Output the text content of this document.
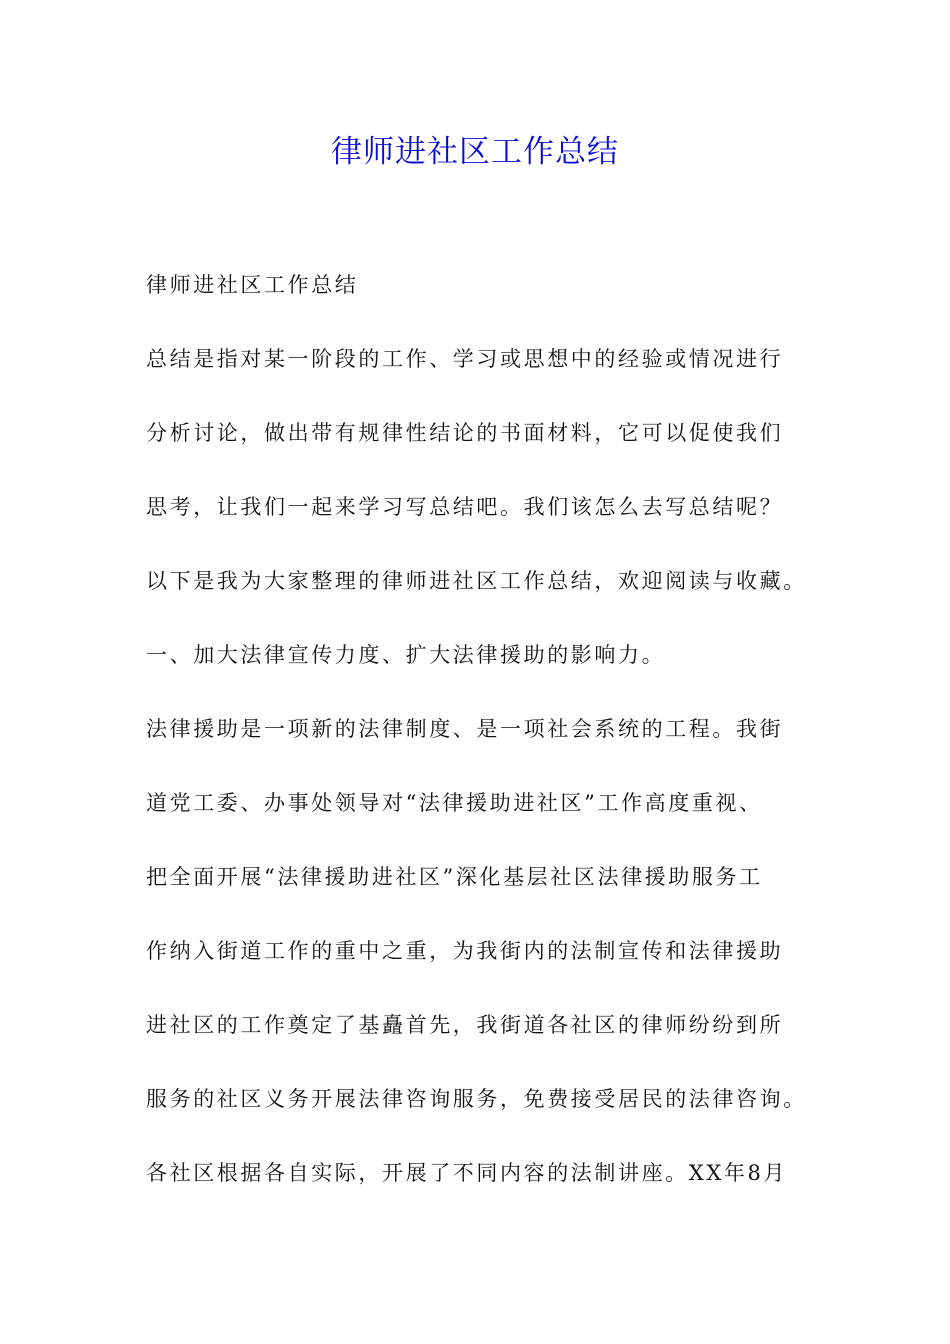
律师进社区工作总结
律师进社区工作总结
总结是指对某一阶段的工作、学习或思想中的经验或情况进行
分析讨论，做出带有规律性结论的书面材料，它可以促使我们
思考，让我们一起来学习写总结吧。我们该怎么去写总结呢？
以下是我为大家整理的律师进社区工作总结，欢迎阅读与收藏。
一、加大法律宣传力度、扩大法律援助的影响力。
法律援助是一项新的法律制度、是一项社会系统的工程。我街
道党工委、办事处领导对“法律援助进社区”工作高度重视、
把全面开展“法律援助进社区”深化基层社区法律援助服务工
作纳入街道工作的重中之重，为我街内的法制宣传和法律援助
进社区的工作奠定了基矗首先，我街道各社区的律师纷纷到所
服务的社区义务开展法律咨询服务，免费接受居民的法律咨询。
各社区根据各自实际，开展了不同内容的法制讲座。XX年8月
